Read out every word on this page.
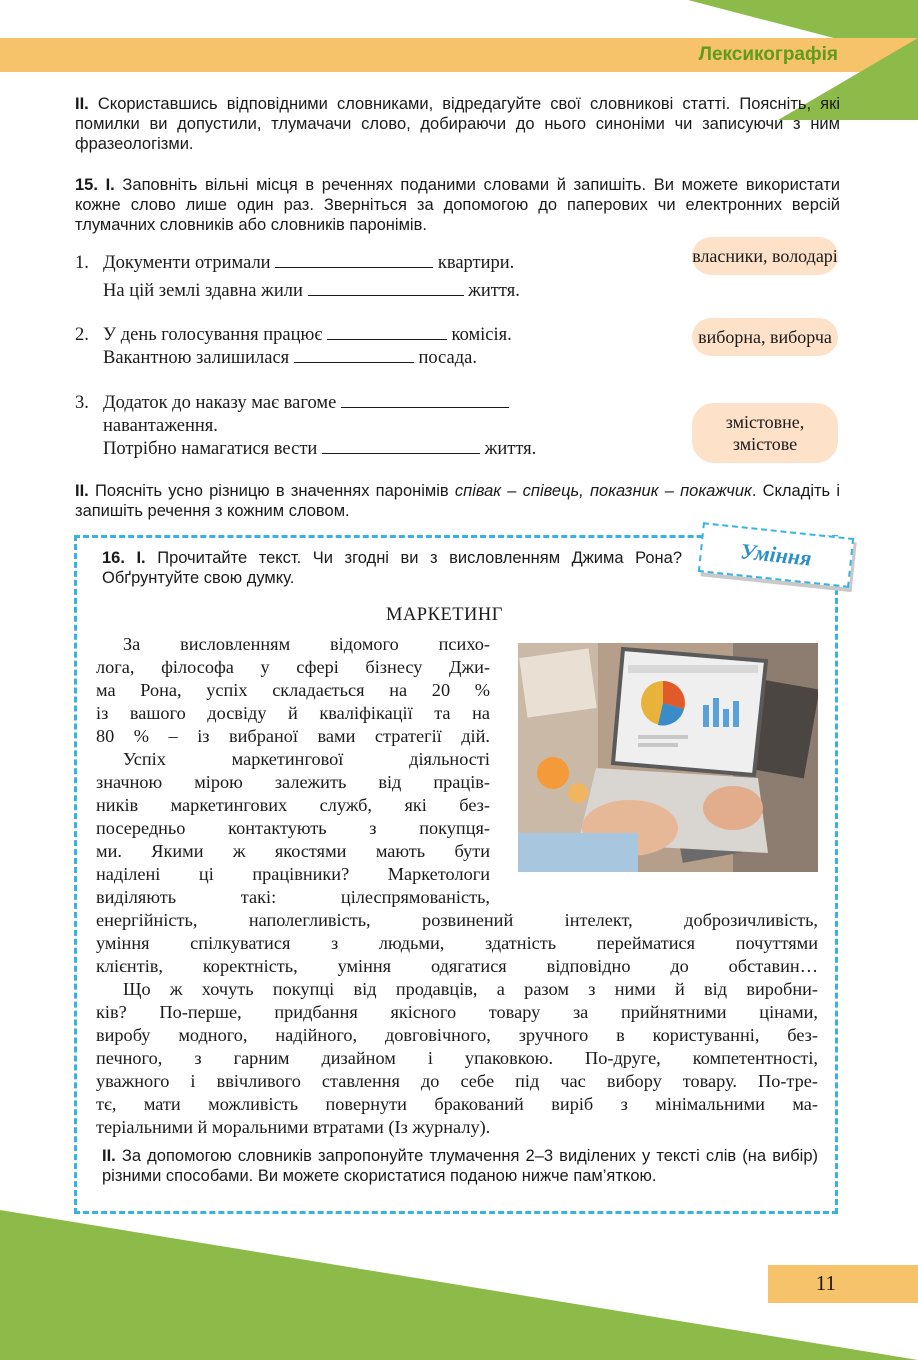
Лексикографія
II. Скориставшись відповідними словниками, відредагуйте свої словникові статті. Поясніть, які помилки ви допустили, тлумачачи слово, добираючи до нього синоніми чи записуючи з ним фразеологізми.
15. I. Заповніть вільні місця в реченнях поданими словами й запишіть. Ви можете використати кожне слово лише один раз. Зверніться за допомогою до паперових чи електронних версій тлумачних словників або словників паронімів.
1. Документи отримали	квартири.
На цій землі здавна жили	життя.
власники, володарі
2. У день голосування працює	комісія.
Вакантною залишилася	посада.
виборна, виборча
3. Додаток до наказу має вагоме
навантаження.
Потрібно намагатися вести	життя.
змістовне, змістове
II. Поясніть усно різницю в значеннях паронімів співак – співець, показник – покажчик. Складіть і запишіть речення з кожним словом.
Уміння
16. I. Прочитайте текст. Чи згодні ви з висловленням Джима Рона? Обґрунтуйте свою думку.
МАРКЕТИНГ
За висловленням відомого психо-
лога, філософа у сфері бізнесу Джи-
ма Рона, успіх складається на 20 %
із вашого досвіду й кваліфікації та на
80 % – із вибраної вами стратегії дій.
Успіх маркетингової діяльності
значною мірою залежить від праців-
ників маркетингових служб, які без-
посередньо контактують з покупця-
ми. Якими ж якостями мають бути
наділені ці працівники? Маркетологи
виділяють такі: цілеспрямованість,
енергійність, наполегливість, розвинений інтелект, доброзичливість,
уміння спілкуватися з людьми, здатність перейматися почуттями
клієнтів, коректність, уміння одягатися відповідно до обставин…
Що ж хочуть покупці від продавців, а разом з ними й від виробни-
ків? По-перше, придбання якісного товару за прийнятними цінами,
виробу модного, надійного, довговічного, зручного в користуванні, без-
печного, з гарним дизайном і упаковкою. По-друге, компетентності,
уважного і ввічливого ставлення до себе під час вибору товару. По-тре-
тє, мати можливість повернути бракований виріб з мінімальними ма-
теріальними й моральними втратами (Із журналу).
II. За допомогою словників запропонуйте тлумачення 2–3 виділених у тексті слів (на вибір) різними способами. Ви можете скористатися поданою нижче пам’яткою.
11
